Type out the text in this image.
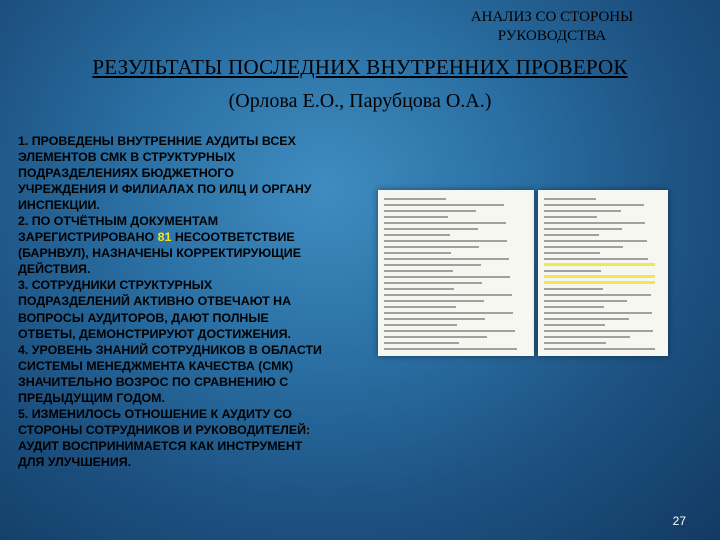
АНАЛИЗ СО СТОРОНЫ РУКОВОДСТВА
РЕЗУЛЬТАТЫ ПОСЛЕДНИХ ВНУТРЕННИХ ПРОВЕРОК
(Орлова Е.О., Парубцова О.А.)
1. ПРОВЕДЕНЫ ВНУТРЕННИЕ АУДИТЫ ВСЕХ
ЭЛЕМЕНТОВ СМК В СТРУКТУРНЫХ
ПОДРАЗДЕЛЕНИЯХ БЮДЖЕТНОГО
УЧРЕЖДЕНИЯ И ФИЛИАЛАХ ПО ИЛЦ И ОРГАНУ
ИНСПЕКЦИИ.
2. ПО ОТЧЁТНЫМ ДОКУМЕНТАМ
ЗАРЕГИСТРИРОВАНО 81 НЕСООТВЕТСТВИЕ
(БАРНВУЛ), НАЗНАЧЕНЫ КОРРЕКТИРУЮЩИЕ
ДЕЙСТВИЯ.
3. СОТРУДНИКИ СТРУКТУРНЫХ
ПОДРАЗДЕЛЕНИЙ АКТИВНО ОТВЕЧАЮТ НА
ВОПРОСЫ АУДИТОРОВ, ДАЮТ ПОЛНЫЕ
ОТВЕТЫ, ДЕМОНСТРИРУЮТ ДОСТИЖЕНИЯ.
4. УРОВЕНЬ ЗНАНИЙ СОТРУДНИКОВ В ОБЛАСТИ
СИСТЕМЫ МЕНЕДЖМЕНТА КАЧЕСТВА (СМК)
ЗНАЧИТЕЛЬНО ВОЗРОС ПО СРАВНЕНИЮ С
ПРЕДЫДУЩИМ ГОДОМ.
5. ИЗМЕНИЛОСЬ ОТНОШЕНИЕ К АУДИТУ СО
СТОРОНЫ СОТРУДНИКОВ И РУКОВОДИТЕЛЕЙ:
АУДИТ ВОСПРИНИМАЕТСЯ КАК ИНСТРУМЕНТ
ДЛЯ УЛУЧШЕНИЯ.
27
